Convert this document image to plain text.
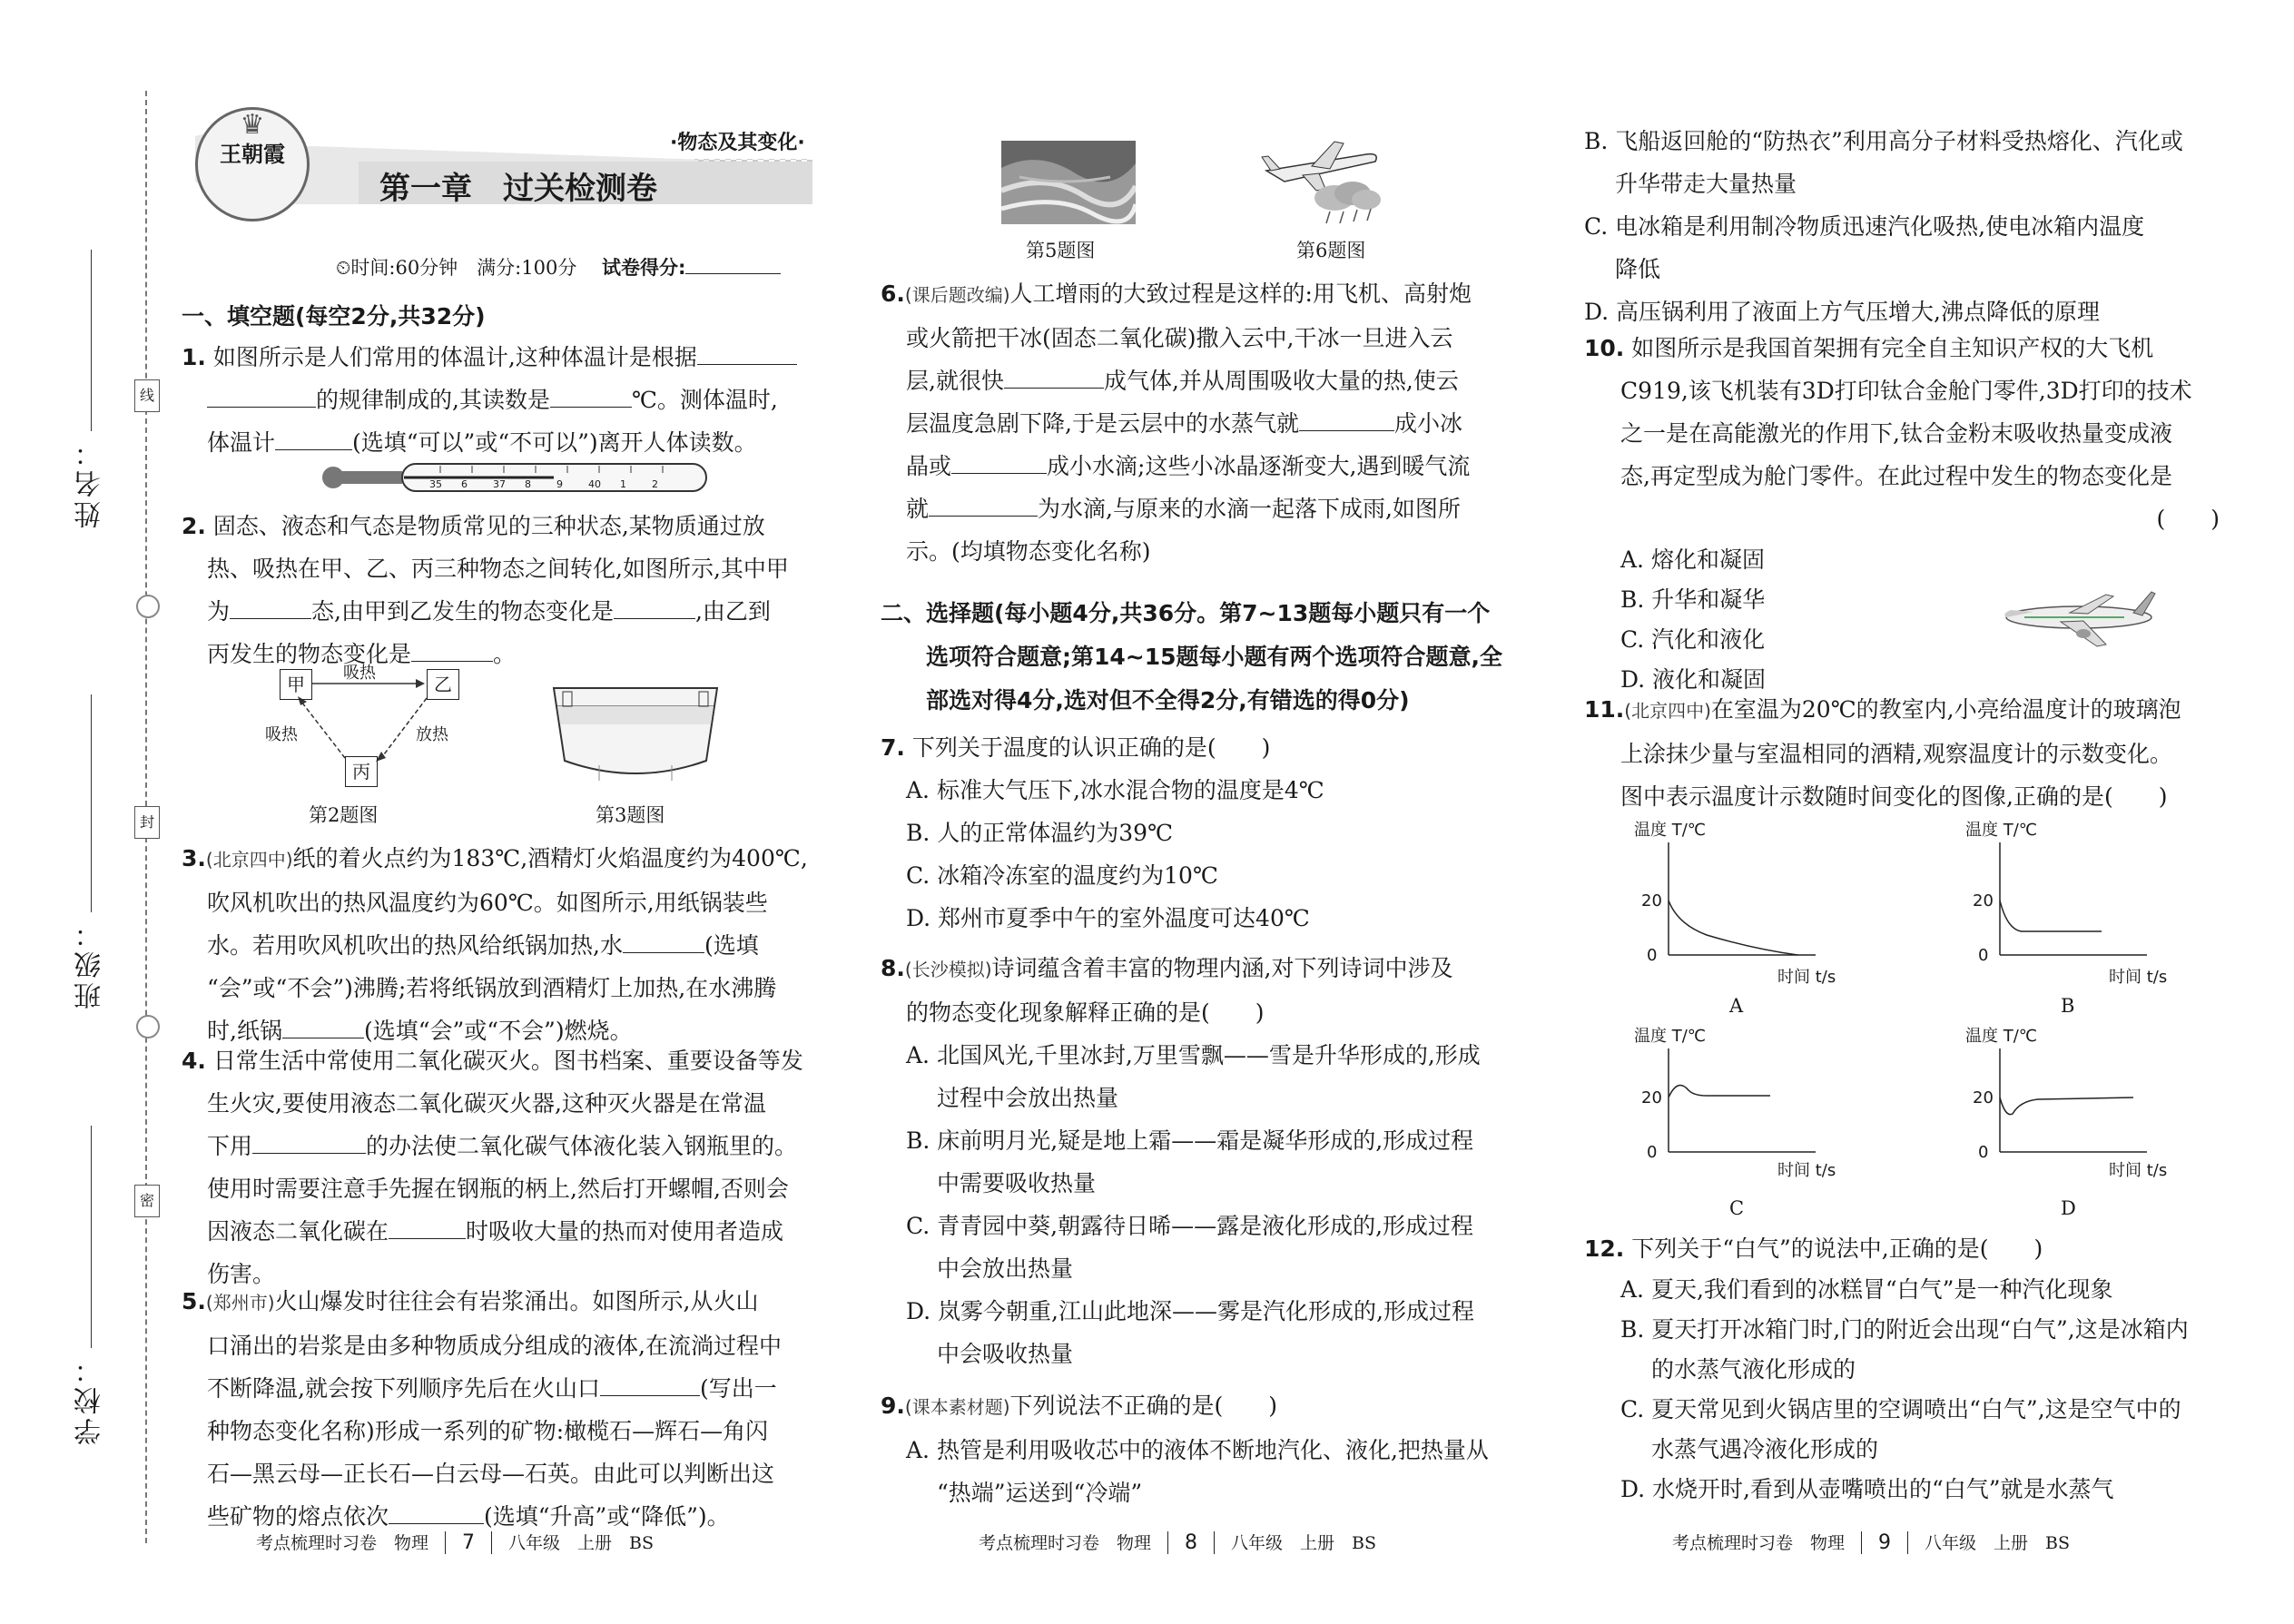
线
封
密
姓名：
班级：
学校：
♛
王朝霞	·物态及其变化·
第一章　过关检测卷
⏲时间:60分钟　满分:100分　 试卷得分:
一、填空题(每空2分,共32分)
1. 如图所示是人们常用的体温计,这种体温计是根据
的规律制成的,其读数是	℃。测体温时,
体温计	(选填“可以”或“不可以”)离开人体读数。
35 6	37 8	9	40 1	2
2. 固态、液态和气态是物质常见的三种状态,某物质通过放
热、吸热在甲、乙、丙三种物态之间转化,如图所示,其中甲
为	态,由甲到乙发生的物态变化是	,由乙到
丙发生的物态变化是	。
甲	乙
丙
吸热
吸热	放热
第2题图	第3题图
3.(北京四中)纸的着火点约为183℃,酒精灯火焰温度约为400℃,
吹风机吹出的热风温度约为60℃。如图所示,用纸锅装些
水。若用吹风机吹出的热风给纸锅加热,水	(选填
“会”或“不会”)沸腾;若将纸锅放到酒精灯上加热,在水沸腾
时,纸锅	(选填“会”或“不会”)燃烧。
4. 日常生活中常使用二氧化碳灭火。图书档案、重要设备等发
生火灾,要使用液态二氧化碳灭火器,这种灭火器是在常温
下用	的办法使二氧化碳气体液化装入钢瓶里的。
使用时需要注意手先握在钢瓶的柄上,然后打开螺帽,否则会
因液态二氧化碳在	时吸收大量的热而对使用者造成
伤害。
5.(郑州市)火山爆发时往往会有岩浆涌出。如图所示,从火山
口涌出的岩浆是由多种物质成分组成的液体,在流淌过程中
不断降温,就会按下列顺序先后在火山口	(写出一
种物态变化名称)形成一系列的矿物:橄榄石—辉石—角闪
石—黑云母—正长石—白云母—石英。由此可以判断出这
些矿物的熔点依次	(选填“升高”或“降低”)。
考点梳理时习卷　物理 7 八年级　上册　BS
第5题图	第6题图
6.(课后题改编)人工增雨的大致过程是这样的:用飞机、高射炮
或火箭把干冰(固态二氧化碳)撒入云中,干冰一旦进入云
层,就很快	成气体,并从周围吸收大量的热,使云
层温度急剧下降,于是云层中的水蒸气就	成小冰
晶或	成小水滴;这些小冰晶逐渐变大,遇到暖气流
就	为水滴,与原来的水滴一起落下成雨,如图所
示。(均填物态变化名称)
二、选择题(每小题4分,共36分。第7~13题每小题只有一个
选项符合题意;第14~15题每小题有两个选项符合题意,全
部选对得4分,选对但不全得2分,有错选的得0分)
7. 下列关于温度的认识正确的是(　　)
A. 标准大气压下,冰水混合物的温度是4℃
B. 人的正常体温约为39℃
C. 冰箱冷冻室的温度约为10℃
D. 郑州市夏季中午的室外温度可达40℃
8.(长沙模拟)诗词蕴含着丰富的物理内涵,对下列诗词中涉及
的物态变化现象解释正确的是(　　)
A. 北国风光,千里冰封,万里雪飘——雪是升华形成的,形成
过程中会放出热量
B. 床前明月光,疑是地上霜——霜是凝华形成的,形成过程
中需要吸收热量
C. 青青园中葵,朝露待日晞——露是液化形成的,形成过程
中会放出热量
D. 岚雾今朝重,江山此地深——雾是汽化形成的,形成过程
中会吸收热量
9.(课本素材题)下列说法不正确的是(　　)
A. 热管是利用吸收芯中的液体不断地汽化、液化,把热量从
“热端”运送到“冷端”
考点梳理时习卷　物理 8 八年级　上册　BS
B. 飞船返回舱的“防热衣”利用高分子材料受热熔化、汽化或
升华带走大量热量
C. 电冰箱是利用制冷物质迅速汽化吸热,使电冰箱内温度
降低
D. 高压锅利用了液面上方气压增大,沸点降低的原理
10. 如图所示是我国首架拥有完全自主知识产权的大飞机
C919,该飞机装有3D打印钛合金舱门零件,3D打印的技术
之一是在高能激光的作用下,钛合金粉末吸收热量变成液
态,再定型成为舱门零件。在此过程中发生的物态变化是
(　　)
A. 熔化和凝固
B. 升华和凝华
C. 汽化和液化
D. 液化和凝固
11.(北京四中)在室温为20℃的教室内,小亮给温度计的玻璃泡
上涂抹少量与室温相同的酒精,观察温度计的示数变化。
图中表示温度计示数随时间变化的图像,正确的是(　　)
温度 T/℃
20
0
时间 t/s
A
温度 T/℃
20
0
时间 t/s
B
温度 T/℃
20
0
时间 t/s
C
温度 T/℃
20
0
时间 t/s
D
12. 下列关于“白气”的说法中,正确的是(　　)
A. 夏天,我们看到的冰糕冒“白气”是一种汽化现象
B. 夏天打开冰箱门时,门的附近会出现“白气”,这是冰箱内
的水蒸气液化形成的
C. 夏天常见到火锅店里的空调喷出“白气”,这是空气中的
水蒸气遇冷液化形成的
D. 水烧开时,看到从壶嘴喷出的“白气”就是水蒸气
考点梳理时习卷　物理 9 八年级　上册　BS
